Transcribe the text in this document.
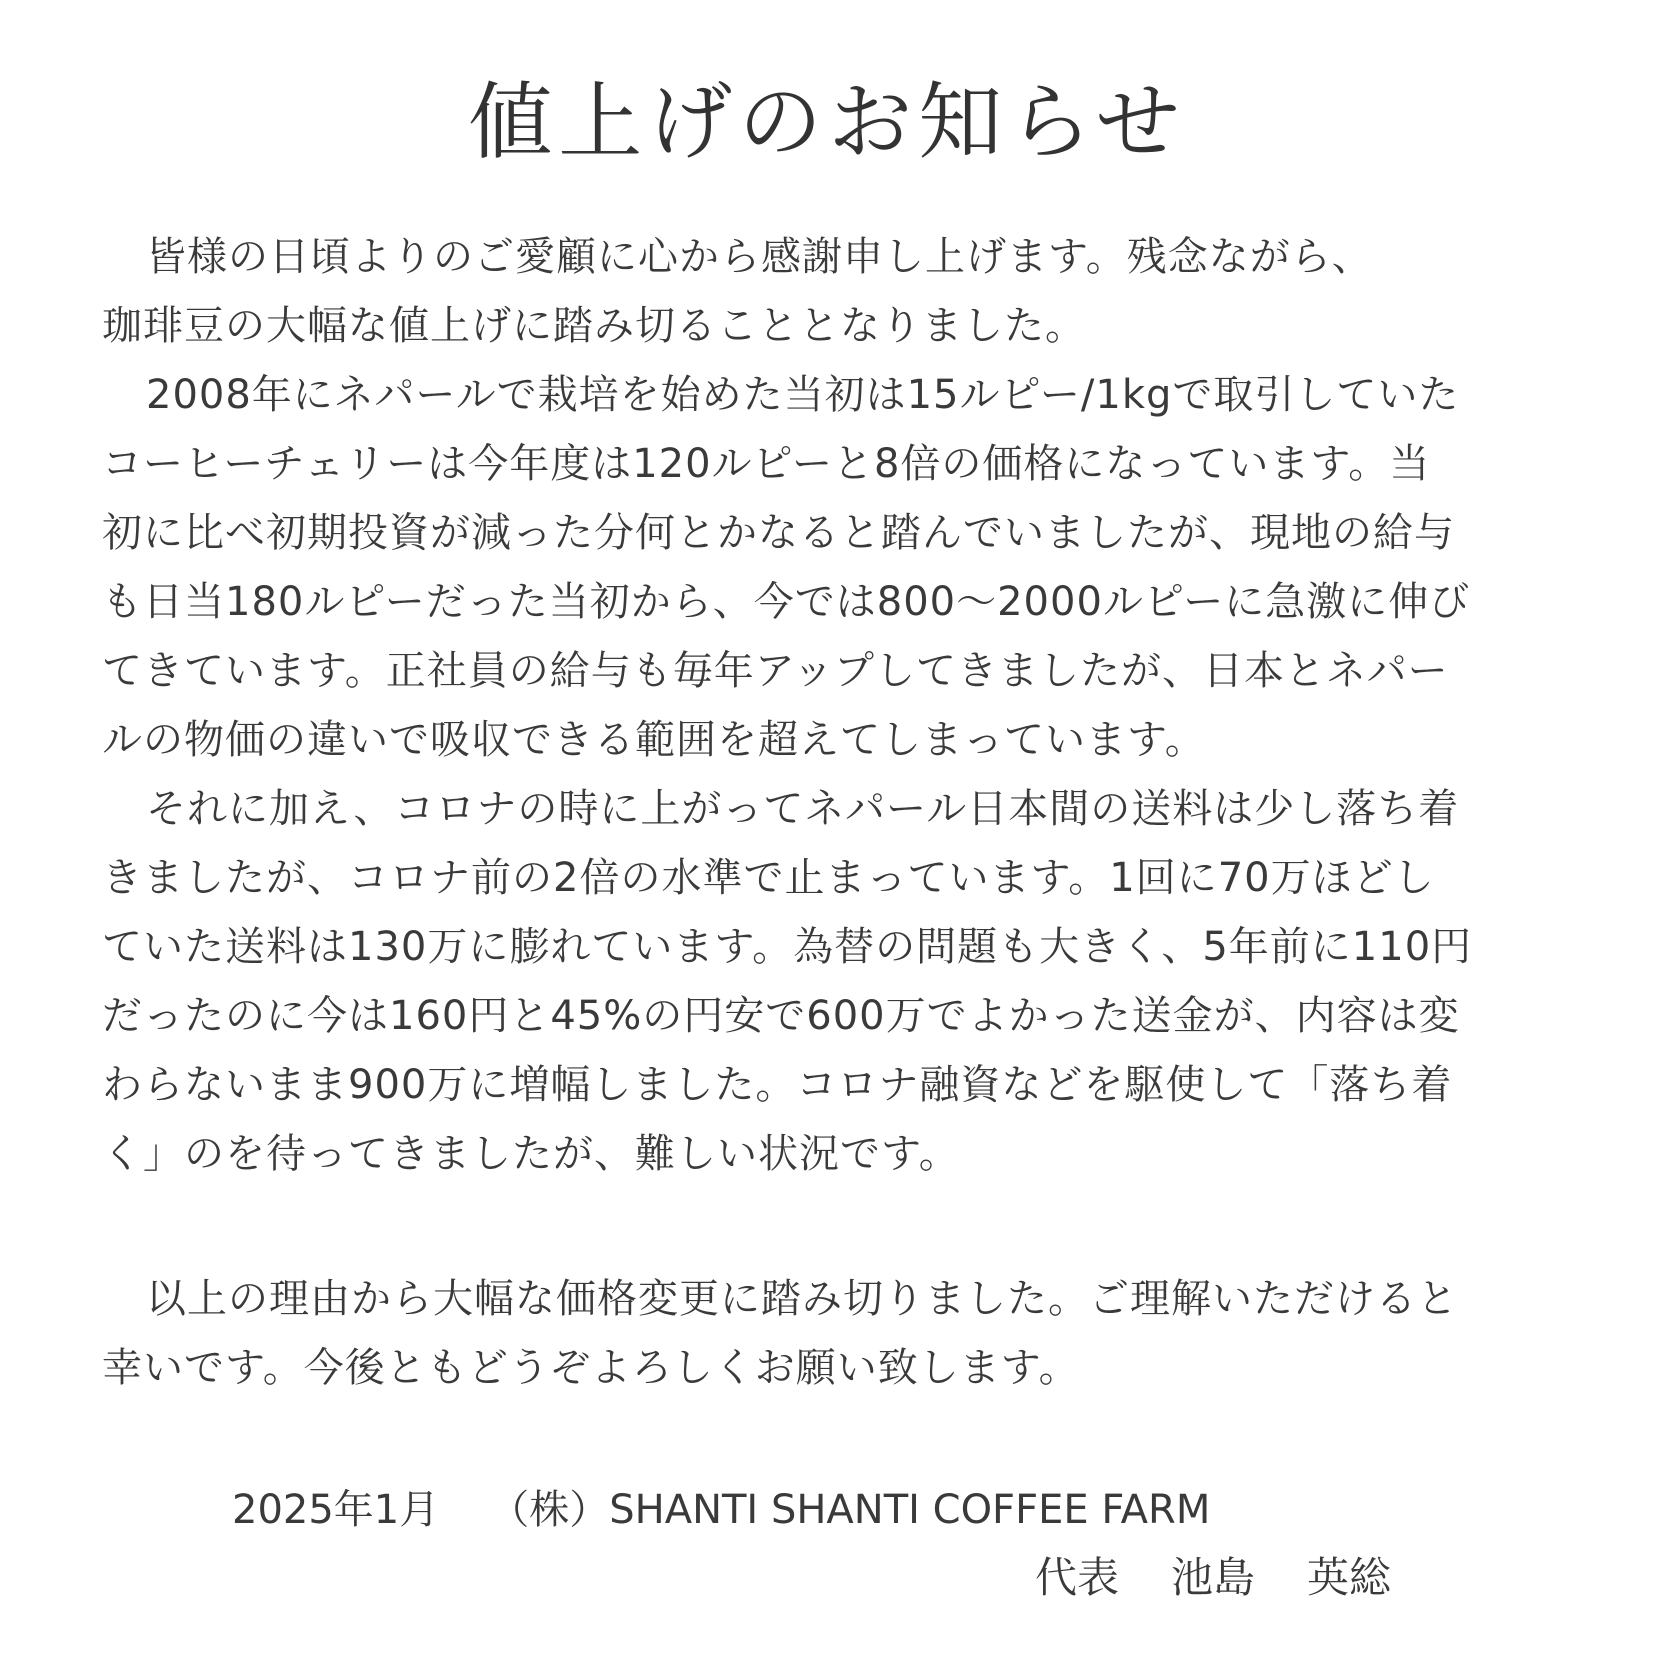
値上げのお知らせ
皆様の日頃よりのご愛顧に心から感謝申し上げます。残念ながら、
珈琲豆の大幅な値上げに踏み切ることとなりました。
2008年にネパールで栽培を始めた当初は15ルピー/1kgで取引していた
コーヒーチェリーは今年度は120ルピーと8倍の価格になっています。当
初に比べ初期投資が減った分何とかなると踏んでいましたが、現地の給与
も日当180ルピーだった当初から、今では800〜2000ルピーに急激に伸び
てきています。正社員の給与も毎年アップしてきましたが、日本とネパー
ルの物価の違いで吸収できる範囲を超えてしまっています。
それに加え、コロナの時に上がってネパール日本間の送料は少し落ち着
きましたが、コロナ前の2倍の水準で止まっています。1回に70万ほどし
ていた送料は130万に膨れています。為替の問題も大きく、5年前に110円
だったのに今は160円と45%の円安で600万でよかった送金が、内容は変
わらないまま900万に増幅しました。コロナ融資などを駆使して「落ち着
く」のを待ってきましたが、難しい状況です。
以上の理由から大幅な価格変更に踏み切りました。ご理解いただけると
幸いです。今後ともどうぞよろしくお願い致します。
2025年1月 （株）SHANTI SHANTI COFFEE FARM
代表 池島 英総
